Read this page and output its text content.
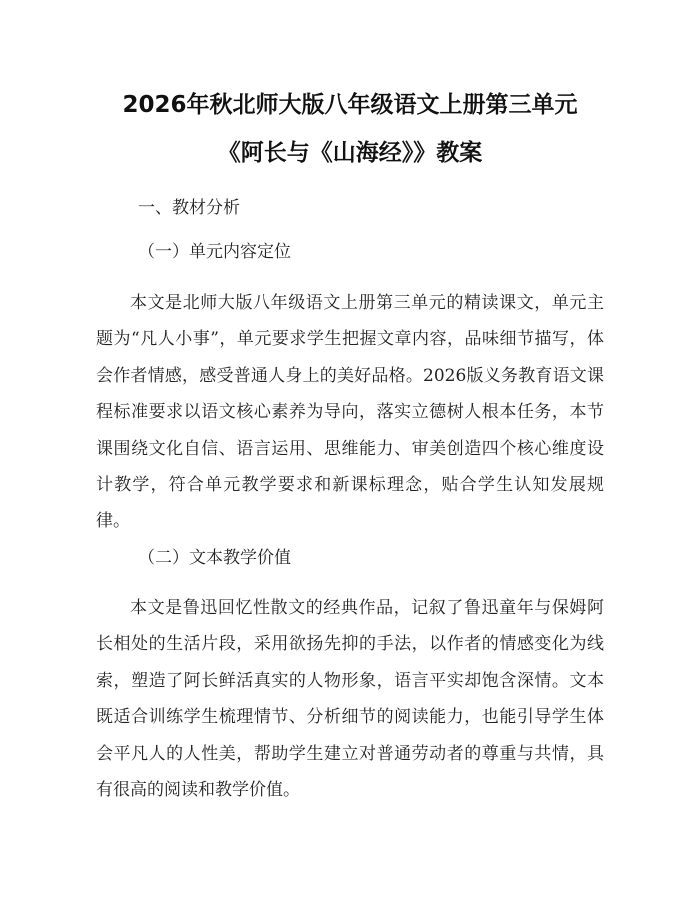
2026年秋北师大版八年级语文上册第三单元
《阿长与《山海经》》教案
一、教材分析
（一）单元内容定位
本文是北师大版八年级语文上册第三单元的精读课文，单元主题为“凡人小事”，单元要求学生把握文章内容，品味细节描写，体会作者情感，感受普通人身上的美好品格。2026版义务教育语文课程标准要求以语文核心素养为导向，落实立德树人根本任务，本节课围绕文化自信、语言运用、思维能力、审美创造四个核心维度设计教学，符合单元教学要求和新课标理念，贴合学生认知发展规律。
（二）文本教学价值
本文是鲁迅回忆性散文的经典作品，记叙了鲁迅童年与保姆阿长相处的生活片段，采用欲扬先抑的手法，以作者的情感变化为线索，塑造了阿长鲜活真实的人物形象，语言平实却饱含深情。文本既适合训练学生梳理情节、分析细节的阅读能力，也能引导学生体会平凡人的人性美，帮助学生建立对普通劳动者的尊重与共情，具有很高的阅读和教学价值。
